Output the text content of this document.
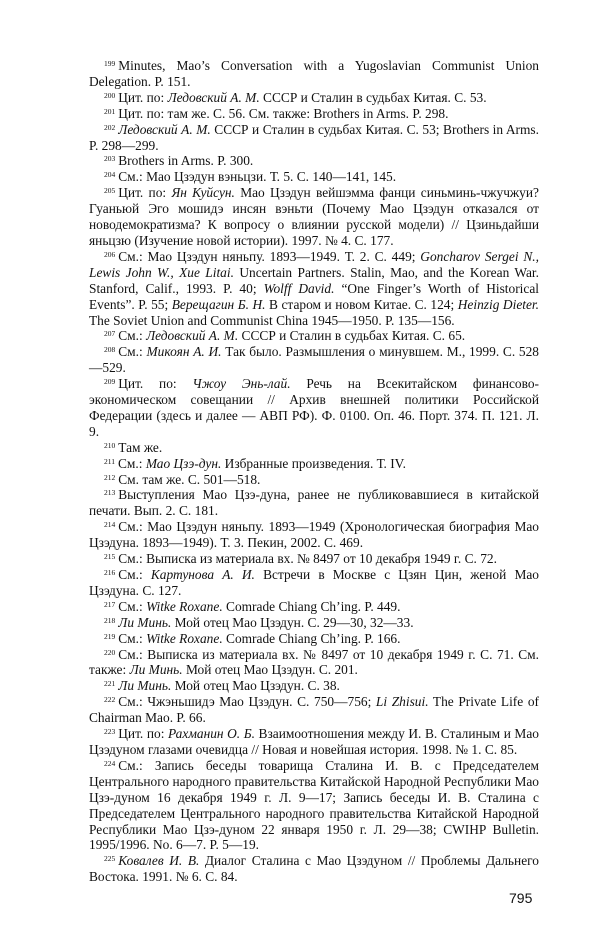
$^{199}$ Minutes, Mao’s Conversation with a Yugoslavian Communist Union Delegation. P. 151.

$^{200}$ Цит. по: Ледовский А. М. СССР и Сталин в судьбах Китая. С. 53.

$^{201}$ Цит. по: там же. С. 56. См. также: Brothers in Arms. P. 298.

$^{202}$ Ледовский А. М. СССР и Сталин в судьбах Китая. С. 53; Brothers in Arms. P. 298—299.

$^{203}$ Brothers in Arms. P. 300.

$^{204}$ См.: Мао Цзэдун вэньцзи. Т. 5. С. 140—141, 145.

$^{205}$ Цит. по: Ян Куйсун. Мао Цзэдун вейшэмма фанци синьминь-чжучжуи? Гуаньюй Эго мошидэ инсян вэньти (Почему Мао Цзэдун отказался от новодемократизма? К вопросу о влиянии русской модели) // Цзиньдайши яньцзю (Изучение новой истории). 1997. № 4. С. 177.

$^{206}$ См.: Мао Цзэдун няньпу. 1893—1949. Т. 2. С. 449; Goncharov Sergei N., Lewis John W., Xue Litai. Uncertain Partners. Stalin, Mao, and the Korean War. Stanford, Calif., 1993. P. 40; Wolff David. “One Finger’s Worth of Historical Events”. P. 55; Верещагин Б. Н. В старом и новом Китае. С. 124; Heinzig Dieter. The Soviet Union and Communist China 1945—1950. P. 135—156.

$^{207}$ См.: Ледовский А. М. СССР и Сталин в судьбах Китая. С. 65.

$^{208}$ См.: Микоян А. И. Так было. Размышления о минувшем. М., 1999. С. 528—529.

$^{209}$ Цит. по: Чжоу Энь-лай. Речь на Всекитайском финансово-экономическом совещании // Архив внешней политики Российской Федерации (здесь и далее — АВП РФ). Ф. 0100. Оп. 46. Порт. 374. П. 121. Л. 9.

$^{210}$ Там же.

$^{211}$ См.: Мао Цзэ-дун. Избранные произведения. Т. IV.

$^{212}$ См. там же. С. 501—518.

$^{213}$ Выступления Мао Цзэ-дуна, ранее не публиковавшиеся в китайской печати. Вып. 2. С. 181.

$^{214}$ См.: Мао Цзэдун няньпу. 1893—1949 (Хронологическая биография Мао Цзэдуна. 1893—1949). Т. 3. Пекин, 2002. С. 469.

$^{215}$ См.: Выписка из материала вх. № 8497 от 10 декабря 1949 г. С. 72.

$^{216}$ См.: Картунова А. И. Встречи в Москве с Цзян Цин, женой Мао Цзэдуна. С. 127.

$^{217}$ См.: Witke Roxane. Comrade Chiang Ch’ing. P. 449.

$^{218}$ Ли Минь. Мой отец Мао Цзэдун. С. 29—30, 32—33.

$^{219}$ См.: Witke Roxane. Comrade Chiang Ch’ing. P. 166.

$^{220}$ См.: Выписка из материала вх. № 8497 от 10 декабря 1949 г. С. 71. См. также: Ли Минь. Мой отец Мао Цзэдун. С. 201.

$^{221}$ Ли Минь. Мой отец Мао Цзэдун. С. 38.

$^{222}$ См.: Чжэньшидэ Мао Цзэдун. С. 750—756; Li Zhisui. The Private Life of Chairman Mao. P. 66.

$^{223}$ Цит. по: Рахманин О. Б. Взаимоотношения между И. В. Сталиным и Мао Цзэдуном глазами очевидца // Новая и новейшая история. 1998. № 1. С. 85.

$^{224}$ См.: Запись беседы товарища Сталина И. В. с Председателем Центрального народного правительства Китайской Народной Республики Мао Цзэ-дуном 16 декабря 1949 г. Л. 9—17; Запись беседы И. В. Сталина с Председателем Центрального народного правительства Китайской Народной Республики Мао Цзэ-дуном 22 января 1950 г. Л. 29—38; CWIHP Bulletin. 1995/1996. No. 6—7. P. 5—19.

$^{225}$ Ковалев И. В. Диалог Сталина с Мао Цзэдуном // Проблемы Дальнего Востока. 1991. № 6. С. 84.

795
